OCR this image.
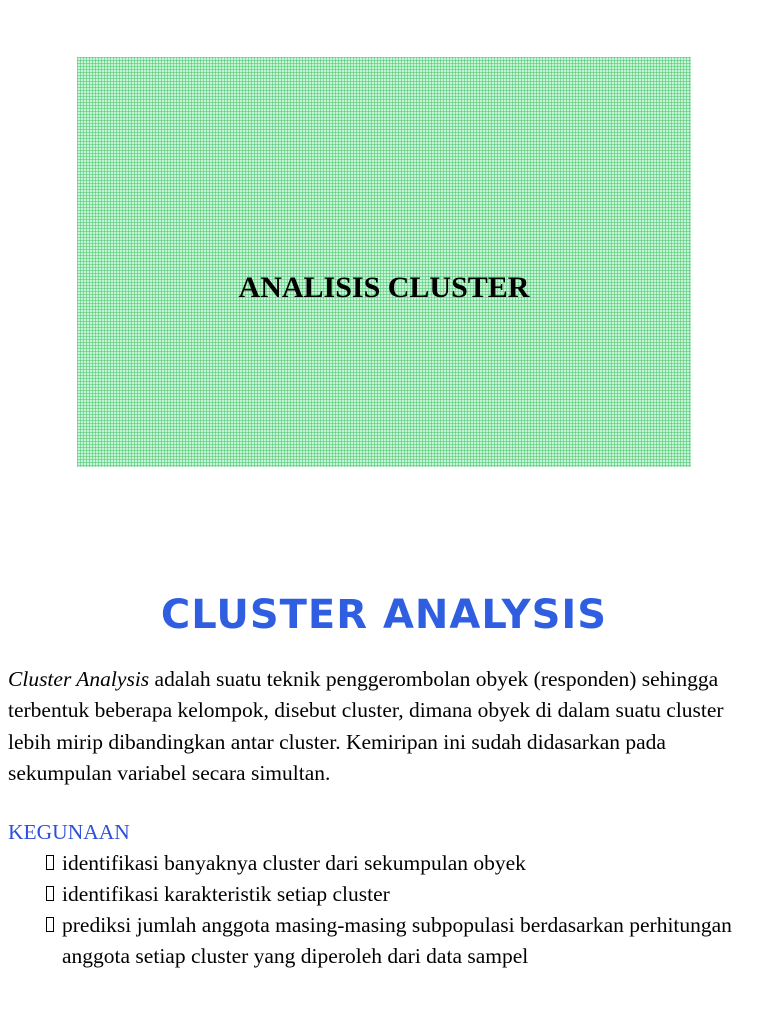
ANALISIS CLUSTER
CLUSTER ANALYSIS

Cluster Analysis adalah suatu teknik penggerombolan obyek (responden) sehingga terbentuk beberapa kelompok, disebut cluster, dimana obyek di dalam suatu cluster lebih mirip dibandingkan antar cluster. Kemiripan ini sudah didasarkan pada sekumpulan variabel secara simultan.

KEGUNAAN

identifikasi banyaknya cluster dari sekumpulan obyek
identifikasi karakteristik setiap cluster
prediksi jumlah anggota masing-masing subpopulasi berdasarkan perhitungan anggota setiap cluster yang diperoleh dari data sampel
